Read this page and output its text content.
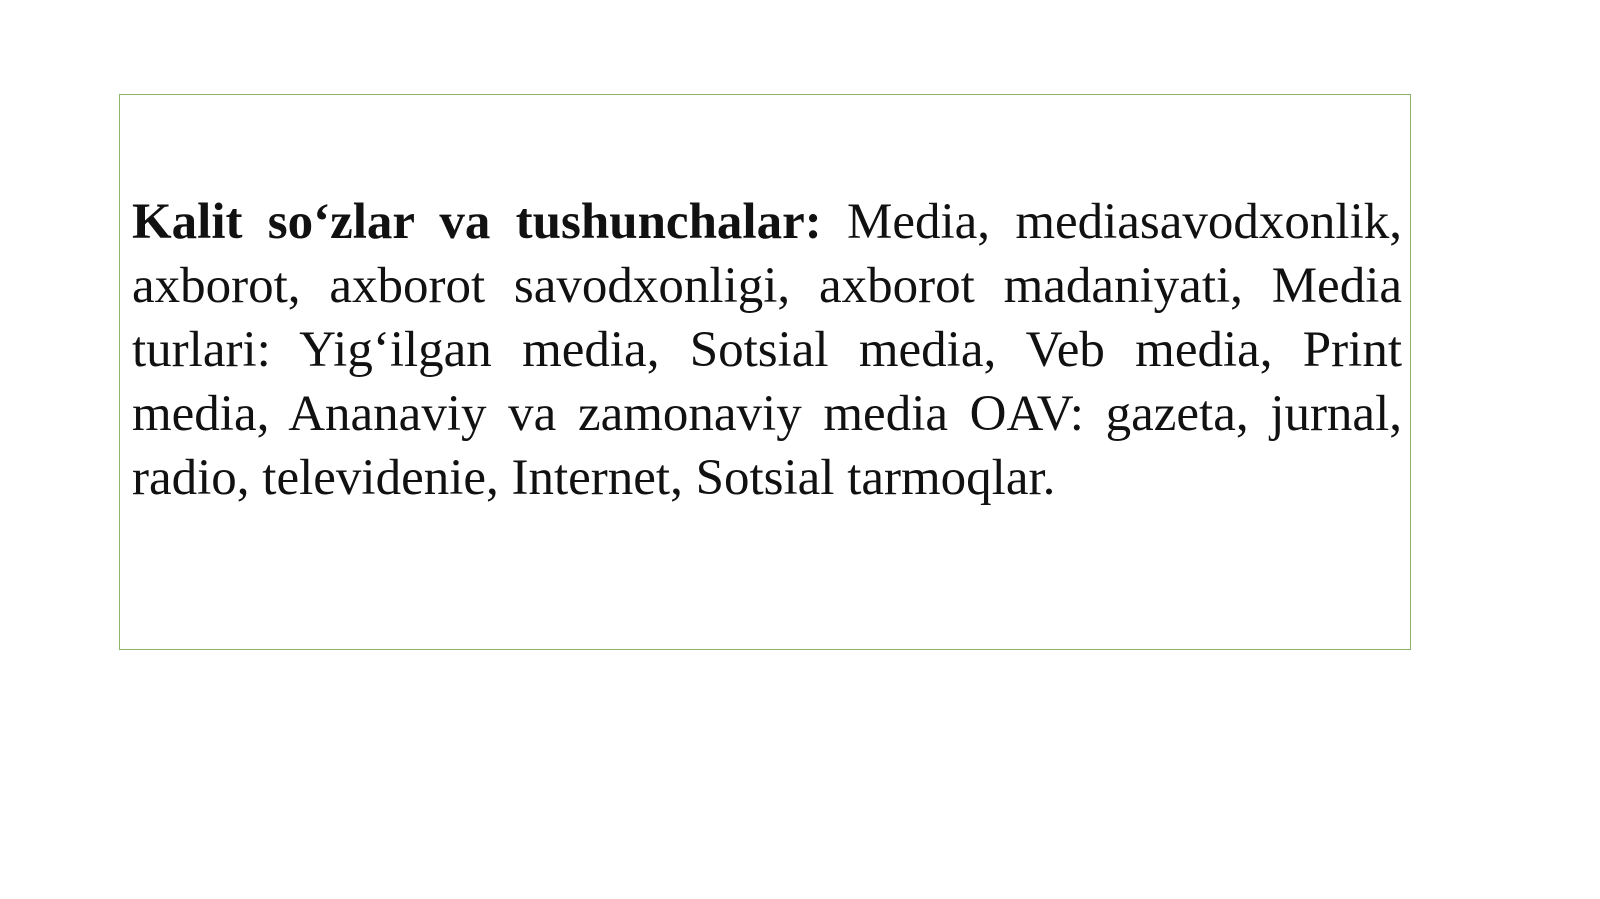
Kalit so‘zlar va tushunchalar: Media, mediasavodxonlik, axborot, axborot savodxonligi, axborot madaniyati, Media turlari: Yig‘ilgan media, Sotsial media, Veb media, Print media, Ananaviy va zamonaviy media OAV: gazeta, jurnal, radio, televidenie, Internet, Sotsial tarmoqlar.
